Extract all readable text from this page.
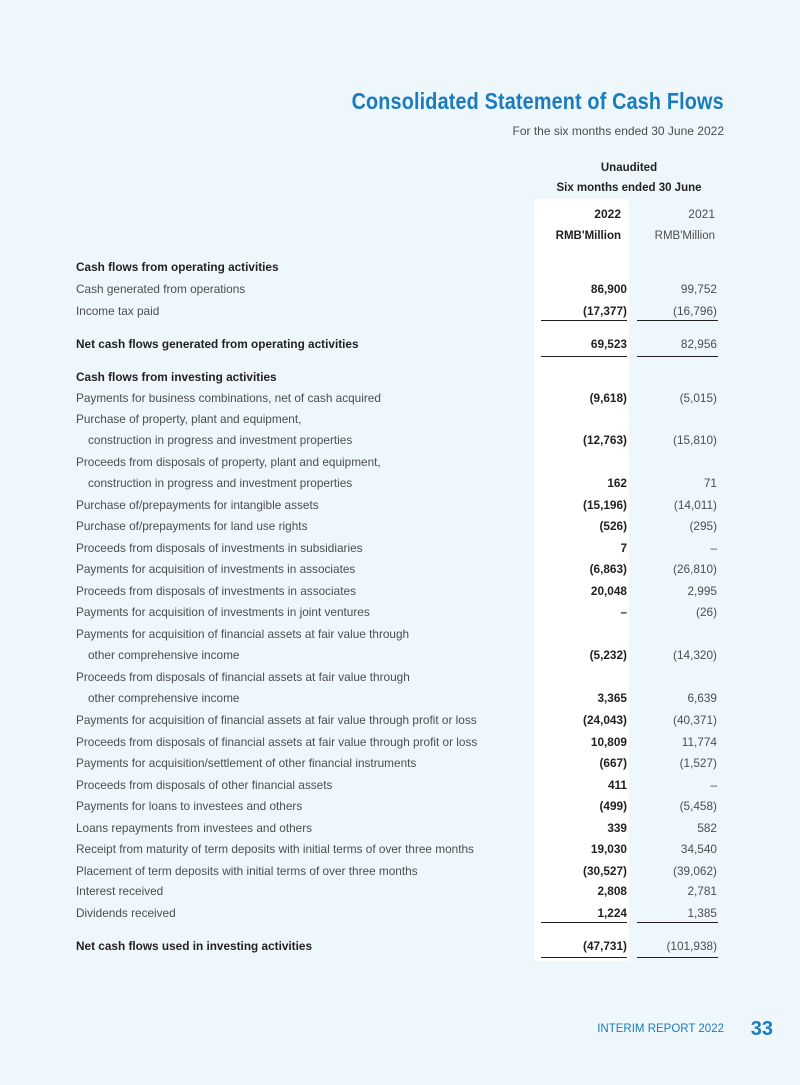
Consolidated Statement of Cash Flows
For the six months ended 30 June 2022
Unaudited
Six months ended 30 June
2022	2021
RMB'Million	RMB'Million
Cash flows from operating activities
Cash generated from operations	86,900	99,752
Income tax paid	(17,377)	(16,796)
Net cash flows generated from operating activities	69,523	82,956
Cash flows from investing activities
Payments for business combinations, net of cash acquired	(9,618)	(5,015)
Purchase of property, plant and equipment,
construction in progress and investment properties	(12,763)	(15,810)
Proceeds from disposals of property, plant and equipment,
construction in progress and investment properties	162	71
Purchase of/prepayments for intangible assets	(15,196)	(14,011)
Purchase of/prepayments for land use rights	(526)	(295)
Proceeds from disposals of investments in subsidiaries	7	–
Payments for acquisition of investments in associates	(6,863)	(26,810)
Proceeds from disposals of investments in associates	20,048	2,995
Payments for acquisition of investments in joint ventures	–	(26)
Payments for acquisition of financial assets at fair value through
other comprehensive income	(5,232)	(14,320)
Proceeds from disposals of financial assets at fair value through
other comprehensive income	3,365	6,639
Payments for acquisition of financial assets at fair value through profit or loss	(24,043)	(40,371)
Proceeds from disposals of financial assets at fair value through profit or loss	10,809	11,774
Payments for acquisition/settlement of other financial instruments	(667)	(1,527)
Proceeds from disposals of other financial assets	411	–
Payments for loans to investees and others	(499)	(5,458)
Loans repayments from investees and others	339	582
Receipt from maturity of term deposits with initial terms of over three months	19,030	34,540
Placement of term deposits with initial terms of over three months	(30,527)	(39,062)
Interest received	2,808	2,781
Dividends received	1,224	1,385
Net cash flows used in investing activities	(47,731)	(101,938)
INTERIM REPORT 2022 33
